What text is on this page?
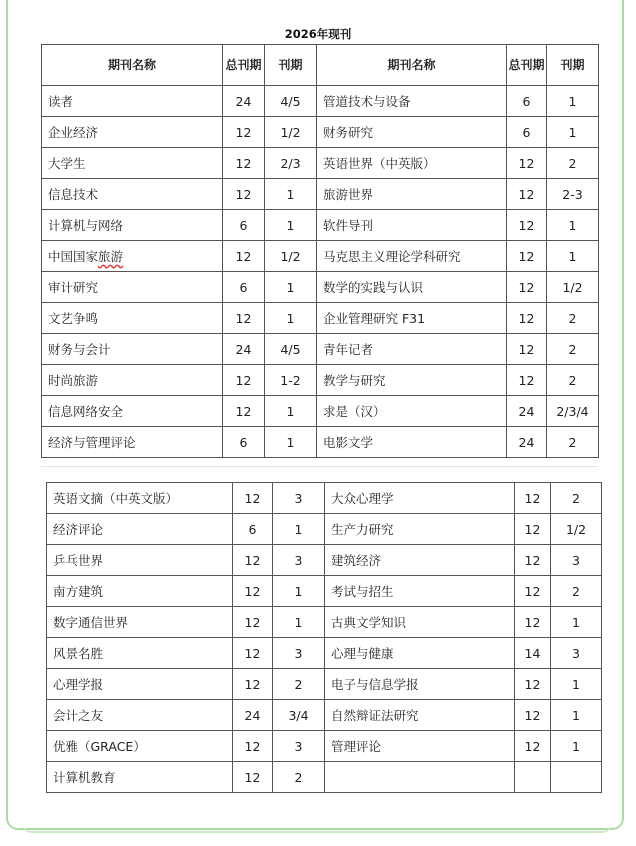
2026年现刊
期刊名称	总刊期	刊期	期刊名称	总刊期	刊期
读者	24	4/5	管道技术与设备	6	1
企业经济	12	1/2	财务研究	6	1
大学生	12	2/3	英语世界（中英版）	12	2
信息技术	12	1	旅游世界	12	2-3
计算机与网络	6	1	软件导刊	12	1
中国国家旅游	12	1/2	马克思主义理论学科研究	12	1
审计研究	6	1	数学的实践与认识	12	1/2
文艺争鸣	12	1	企业管理研究 F31	12	2
财务与会计	24	4/5	青年记者	12	2
时尚旅游	12	1-2	教学与研究	12	2
信息网络安全	12	1	求是（汉）	24	2/3/4
经济与管理评论	6	1	电影文学	24	2
英语文摘（中英文版）	12	3	大众心理学	12	2
经济评论	6	1	生产力研究	12	1/2
乒乓世界	12	3	建筑经济	12	3
南方建筑	12	1	考试与招生	12	2
数字通信世界	12	1	古典文学知识	12	1
风景名胜	12	3	心理与健康	14	3
心理学报	12	2	电子与信息学报	12	1
会计之友	24	3/4	自然辩证法研究	12	1
优雅（GRACE）	12	3	管理评论	12	1
计算机教育	12	2			
